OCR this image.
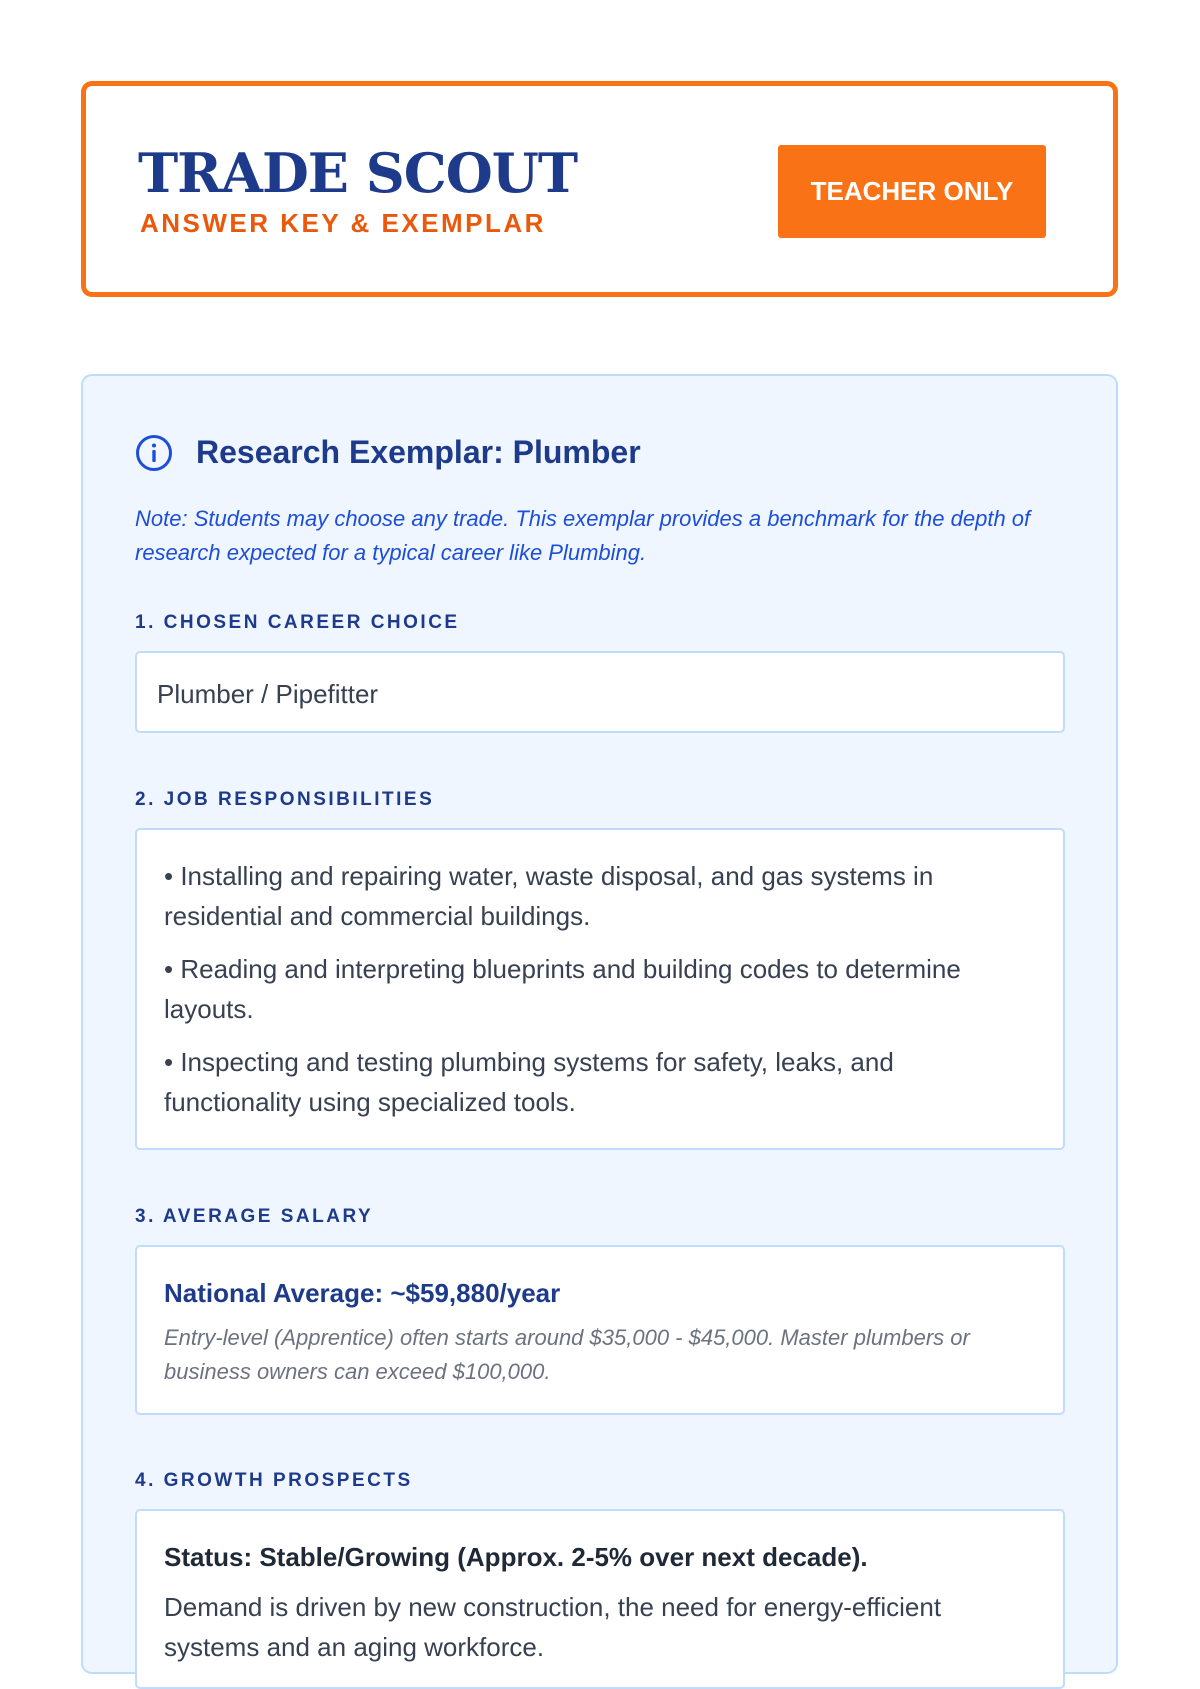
TRADE SCOUT

ANSWER KEY & EXEMPLAR

TEACHER ONLY
Research Exemplar: Plumber

Note: Students may choose any trade. This exemplar provides a benchmark for the depth of research expected for a typical career like Plumbing.

1. CHOSEN CAREER CHOICE

Plumber / Pipefitter

2. JOB RESPONSIBILITIES
• Installing and repairing water, waste disposal, and gas systems in residential and commercial buildings.
• Reading and interpreting blueprints and building codes to determine layouts.
• Inspecting and testing plumbing systems for safety, leaks, and functionality using specialized tools.
3. AVERAGE SALARY

National Average: ~$59,880/year

Entry-level (Apprentice) often starts around $35,000 - $45,000. Master plumbers or business owners can exceed $100,000.

4. GROWTH PROSPECTS

Status: Stable/Growing (Approx. 2-5% over next decade).

Demand is driven by new construction, the need for energy-efficient systems and an aging workforce.
